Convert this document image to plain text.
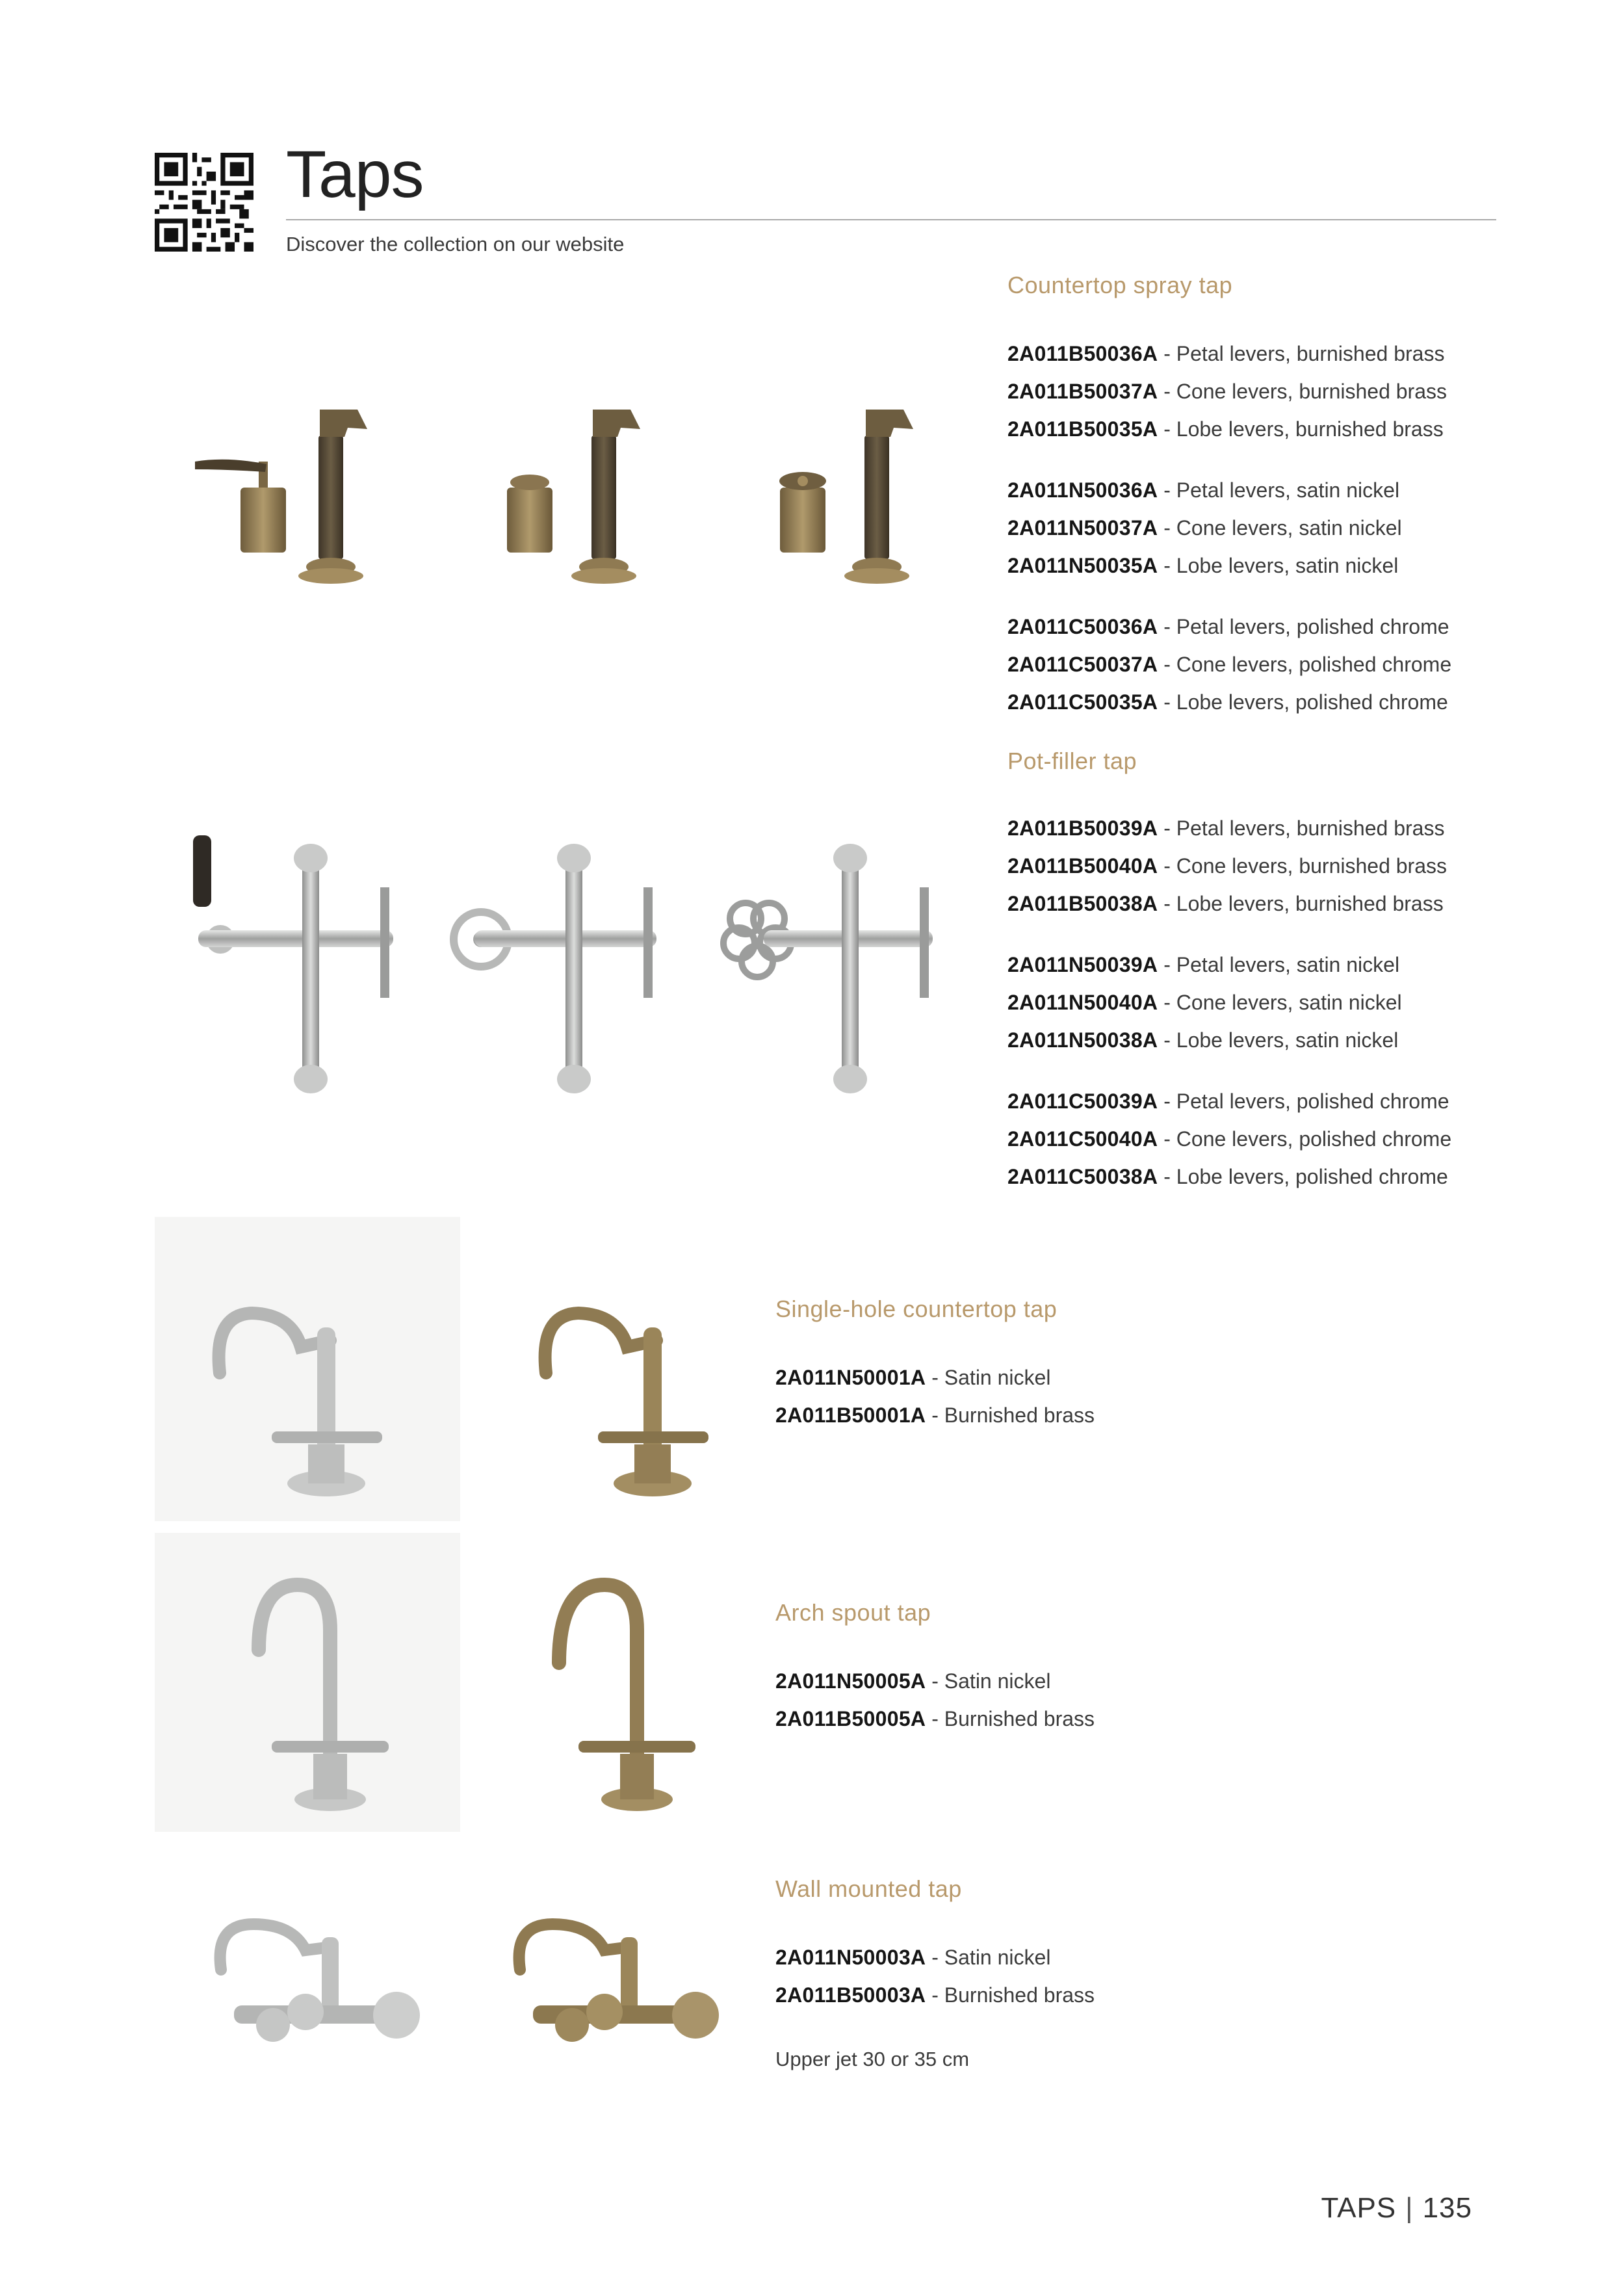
Taps
Discover the collection on our website
Countertop spray tap
2A011B50036A - Petal levers, burnished brass
2A011B50037A - Cone levers, burnished brass
2A011B50035A - Lobe levers, burnished brass
2A011N50036A - Petal levers, satin nickel
2A011N50037A - Cone levers, satin nickel
2A011N50035A - Lobe levers, satin nickel
2A011C50036A - Petal levers, polished chrome
2A011C50037A - Cone levers, polished chrome
2A011C50035A - Lobe levers, polished chrome
Pot-filler tap
2A011B50039A - Petal levers, burnished brass
2A011B50040A - Cone levers, burnished brass
2A011B50038A - Lobe levers, burnished brass
2A011N50039A - Petal levers, satin nickel
2A011N50040A - Cone levers, satin nickel
2A011N50038A - Lobe levers, satin nickel
2A011C50039A - Petal levers, polished chrome
2A011C50040A - Cone levers, polished chrome
2A011C50038A - Lobe levers, polished chrome
Single-hole countertop tap
2A011N50001A - Satin nickel
2A011B50001A - Burnished brass
Arch spout tap
2A011N50005A - Satin nickel
2A011B50005A - Burnished brass
Wall mounted tap
2A011N50003A - Satin nickel
2A011B50003A - Burnished brass
Upper jet 30 or 35 cm
TAPS | 135
